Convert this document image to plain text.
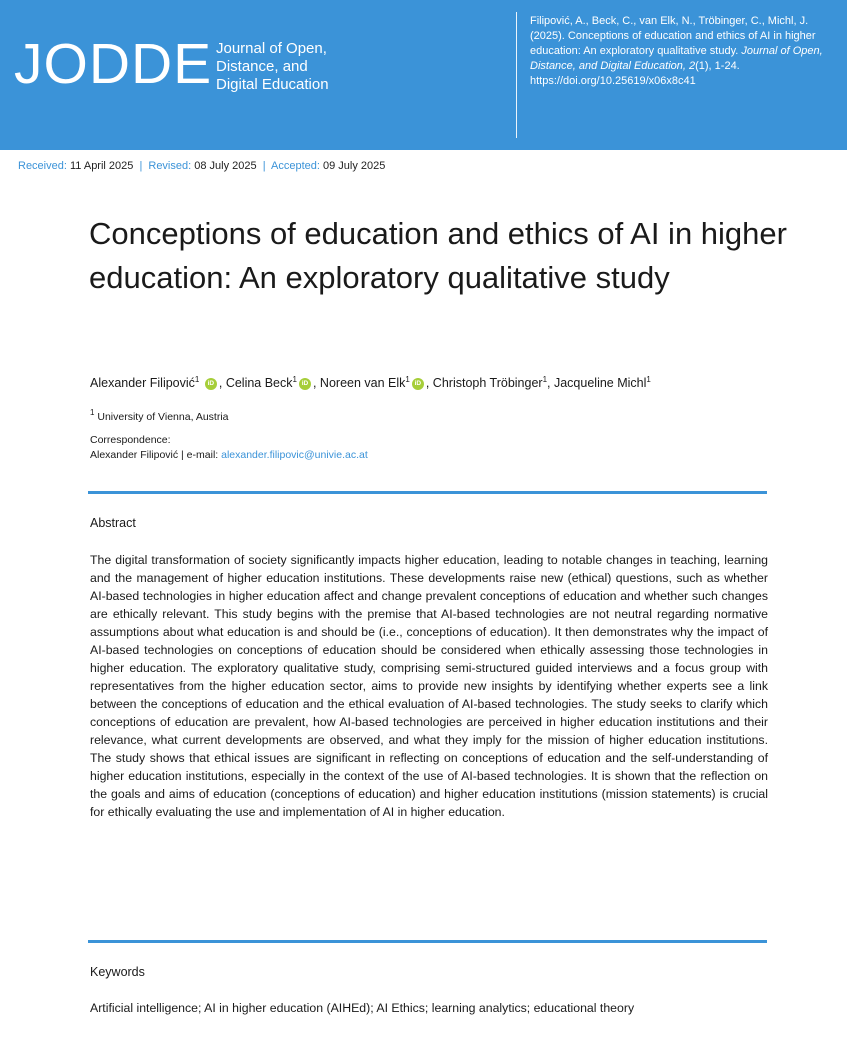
JODDE Journal of Open,
Distance, and
Digital Education
Filipović, A., Beck, C., van Elk, N., Tröbinger, C., Michl, J. (2025). Conceptions of education and ethics of AI in higher education: An exploratory qualitative study. Journal of Open, Distance, and Digital Education, 2(1), 1-24. https://doi.org/10.25619/x06x8c41
Received: 11 April 2025 | Revised: 08 July 2025 | Accepted: 09 July 2025
Conceptions of education and ethics of AI in higher education: An exploratory qualitative study
Alexander Filipović$^1$ iD , Celina Beck$^1$ iD , Noreen van Elk$^1$ iD , Christoph Tröbinger$^1$, Jacqueline Michl$^1$
$^1$ University of Vienna, Austria
Correspondence:
Alexander Filipović | e-mail: alexander.filipovic@univie.ac.at
Abstract

The digital transformation of society significantly impacts higher education, leading to notable changes in teaching, learning and the management of higher education institutions. These developments raise new (ethical) questions, such as whether AI-based technologies in higher education affect and change prevalent conceptions of education and whether such changes are ethically relevant. This study begins with the premise that AI-based technologies are not neutral regarding normative assumptions about what education is and should be (i.e., conceptions of education). It then demonstrates why the impact of AI-based technologies on conceptions of education should be considered when ethically assessing those technologies in higher education. The exploratory qualitative study, comprising semi-structured guided interviews and a focus group with representatives from the higher education sector, aims to provide new insights by identifying whether experts see a link between the conceptions of education and the ethical evaluation of AI-based technologies. The study seeks to clarify which conceptions of education are prevalent, how AI-based technologies are perceived in higher education institutions and their relevance, what current developments are observed, and what they imply for the mission of higher education institutions. The study shows that ethical issues are significant in reflecting on conceptions of education and the self-understanding of higher education institutions, especially in the context of the use of AI-based technologies. It is shown that the reflection on the goals and aims of education (conceptions of education) and higher education institutions (mission statements) is crucial for ethically evaluating the use and implementation of AI in higher education.

Keywords

Artificial intelligence; AI in higher education (AIHEd); AI Ethics; learning analytics; educational theory
